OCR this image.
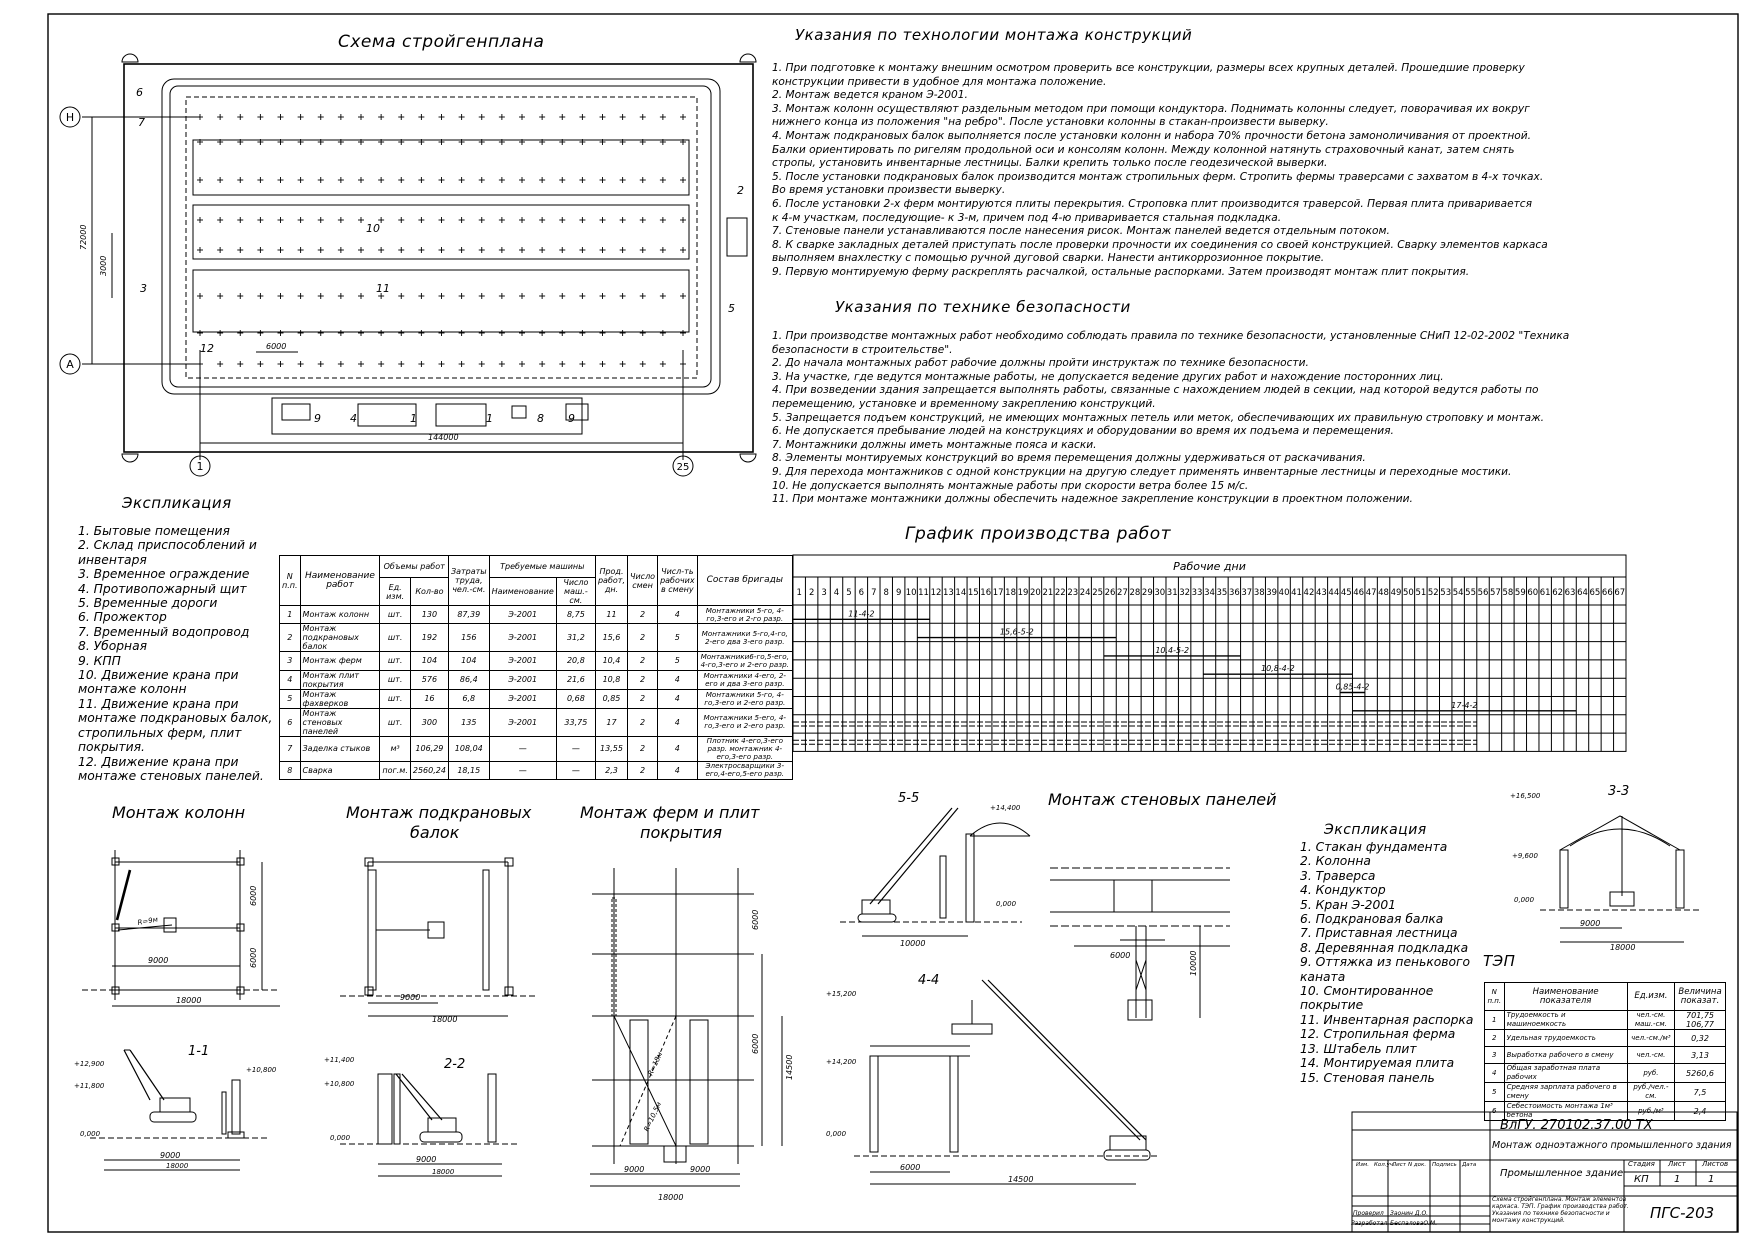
Схема стройгенплана	Указания по технологии монтажа конструкций
1. При подготовке к монтажу внешним осмотром проверить все конструкции, размеры всех крупных деталей. Прошедшие проверку
конструкции привести в удобное для монтажа положение.
2. Монтаж ведется краном Э-2001.
3. Монтаж колонн осуществляют раздельным методом при помощи кондуктора. Поднимать колонны следует, поворачивая их вокруг
нижнего конца из положения "на ребро". После установки колонны в стакан-произвести выверку.
4. Монтаж подкрановых балок выполняется после установки колонн и набора 70% прочности бетона замоноличивания от проектной.
Балки ориентировать по ригелям продольной оси и консолям колонн. Между колонной натянуть страховочный канат, затем снять
стропы, установить инвентарные лестницы. Балки крепить только после геодезической выверки.
5. После установки подкрановых балок производится монтаж стропильных ферм. Стропить фермы траверсами с захватом в 4-х точках.
Во время установки произвести выверку.
6. После установки 2-х ферм монтируются плиты перекрытия. Строповка плит производится траверсой. Первая плита приваривается
к 4-м участкам, последующие- к 3-м, причем под 4-ю приваривается стальная подкладка.
7. Стеновые панели устанавливаются после нанесения рисок. Монтаж панелей ведется отдельным потоком.
8. К сварке закладных деталей приступать после проверки прочности их соединения со своей конструкцией. Сварку элементов каркаса
выполняем внахлестку с помощью ручной дуговой сварки. Нанести антикоррозионное покрытие.
9. Первую монтируемую ферму раскреплять расчалкой, остальные распорками. Затем производят монтаж плит покрытия.
Указания по технике безопасности
1. При производстве монтажных работ необходимо соблюдать правила по технике безопасности, установленные СНиП 12-02-2002 "Техника
безопасности в строительстве".
2. До начала монтажных работ рабочие должны пройти инструктаж по технике безопасности.
3. На участке, где ведутся монтажные работы, не допускается ведение других работ и нахождение посторонних лиц.
4. При возведении здания запрещается выполнять работы, связанные с нахождением людей в секции, над которой ведутся работы по
перемещению, установке и временному закреплению конструкций.
5. Запрещается подъем конструкций, не имеющих монтажных петель или меток, обеспечивающих их правильную строповку и монтаж.
6. Не допускается пребывание людей на конструкциях и оборудовании во время их подъема и перемещения.
7. Монтажники должны иметь монтажные пояса и каски.
8. Элементы монтируемых конструкций во время перемещения должны удерживаться от раскачивания.
9. Для перехода монтажников с одной конструкции на другую следует применять инвентарные лестницы и переходные мостики.
10. Не допускается выполнять монтажные работы при скорости ветра более 15 м/с.
11. При монтаже монтажники должны обеспечить надежное закрепление конструкции в проектном положении.
Экспликация
1. Бытовые помещения
2. Склад приспособлений и
инвентаря
3. Временное ограждение
4. Противопожарный щит
5. Временные дороги
6. Прожектор
7. Временный водопровод
8. Уборная
9. КПП
10. Движение крана при
монтаже колонн
11. Движение крана при
монтаже подкрановых балок,
стропильных ферм, плит
покрытия.
12. Движение крана при
монтаже стеновых панелей.
График производства работ
Экспликация
1. Стакан фундамента
2. Колонна
3. Траверса
4. Кондуктор
5. Кран Э-2001
6. Подкрановая балка
7. Приставная лестница
8. Деревянная подкладка
9. Оттяжка из пенькового
каната
10. Смонтированное
покрытие
11. Инвентарная распорка
12. Стропильная ферма
13. Штабель плит
14. Монтируемая плита
15. Стеновая панель
ТЭП
N п.п.	Наименование работ	Объемы работ		Затраты труда, чел.-см.	Требуемые машины		Прод. работ, дн.	Число смен	Числ-ть рабочих в смену	Состав бригады
		Ед. изм.	Кол-во		Наименование	Число маш.-см.				
1	Монтаж колонн	шт.	130	87,39	Э-2001	8,75	11	2	4	Монтажники 5-го, 4-го,3-его и 2-го разр.
2	Монтаж подкрановых балок	шт.	192	156	Э-2001	31,2	15,6	2	5	Монтажники 5-го,4-го, 2-его два 3-его разр.
3	Монтаж ферм	шт.	104	104	Э-2001	20,8	10,4	2	5	Монтажники6-го,5-его, 4-го,3-его и 2-его разр.
4	Монтаж плит покрытия	шт.	576	86,4	Э-2001	21,6	10,8	2	4	Монтажники 4-его, 2-его и два 3-его разр.
5	Монтаж фахверков	шт.	16	6,8	Э-2001	0,68	0,85	2	4	Монтажники 5-го, 4-го,3-его и 2-его разр.
6	Монтаж стеновых панелей	шт.	300	135	Э-2001	33,75	17	2	4	Монтажники 5-его, 4-го,3-его и 2-его разр.
7	Заделка стыков	м³	106,29	108,04	—	—	13,55	2	4	Плотник 4-его,3-его разр. монтажник 4-его,3-его разр.
8	Сварка	пог.м.	2560,24	18,15	—	—	2,3	2	4	Электросварщики 3-его,4-его,5-его разр.
N п.п.	Наименование показателя	Ед.изм.	Величина показат.
1	Трудоемкость и машиноемкость	чел.-см. маш.-см.	701,75 106,77
2	Удельная трудоемкость	чел.-см./м³	0,32
3	Выработка рабочего в смену	чел.-см.	3,13
4	Общая заработная плата рабочих	руб.	5260,6
5	Средняя зарплата рабочего в смену	руб./чел.-см.	7,5
6	Себестоимость монтажа 1м³ бетона	руб./м³	2,4
ВлГУ. 270102.37.00 ТХ
Монтаж одноэтажного промышленного здания
Промышленное здание
Стадия Лист Листов
КП	1	1
Схема стройгенплана. Монтаж элементов каркаса. ТЭП. График производства работ. Указания по технике безопасности и монтажу конструкций.	ПГС-203
Проверил Заонин Д.О.
Разработал БеспаловаО.М.
Изм. Кол.уч.
Лист N док. Подпись Дата
Н
А
1	25
72000
3000
144000
6000
6
7
2
10
3	11
5
12
9	4	1
1	8 9
Рабочие дни
1 2 3 4 5 6 7 8 9 10 11 12 13 14 15 16 17 18 19 20 21 22 23 24 25 26 27 28 29 30 31 32 33 34 35 36 37 38 39 40 41 42 43 44 45 46 47 48 49 50 51 52 53 54 55 56 57 58 59 60 61 62 63 64 65 66 67
11-4-2
15,6-5-2
10,4-5-2
10,8-4-2
0,85-4-2
17-4-2
Монтаж колонн
9000
18000
6000
6000
R=9м
1-1
+12,900
+11,800
+10,800
0,000
9000
18000
Монтаж подкрановых
балок
9000
18000
2-2
+11,400
+10,800
0,000
9000
18000
Монтаж ферм и плит
покрытия
9000	9000
18000
14500
6000
6000
R=18м
R=10,5м
5-5
+14,400
0,000
10000
Монтаж стеновых панелей
6000	10000
4-4
+15,200
+14,200
0,000
6000
14500
3-3
+16,500
+9,600
0,000
9000
18000
